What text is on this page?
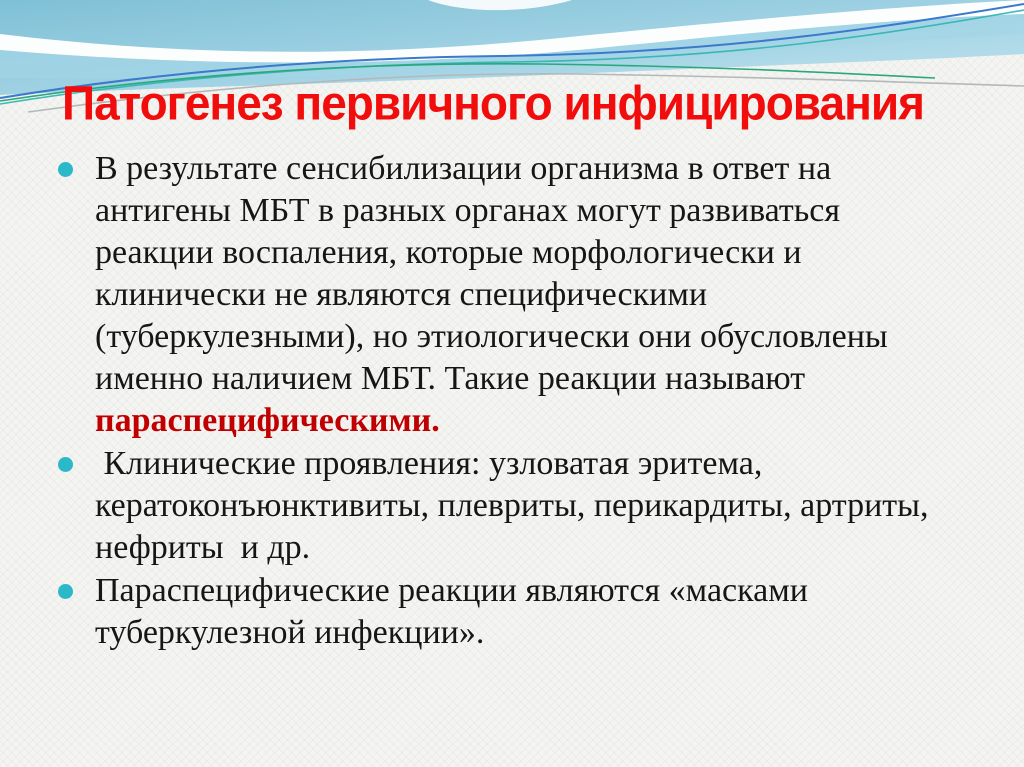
Патогенез первичного инфицирования

В результате сенсибилизации организма в ответ на антигены МБТ в разных органах могут развиваться реакции воспаления, которые морфологически и клинически не являются специфическими (туберкулезными), но этиологически они обусловлены именно наличием МБТ. Такие реакции называют параспецифическими.

Клинические проявления: узловатая эритема, кератоконъюнктивиты, плевриты, перикардиты, артриты, нефриты  и др.

Параспецифические реакции являются «масками туберкулезной инфекции».
